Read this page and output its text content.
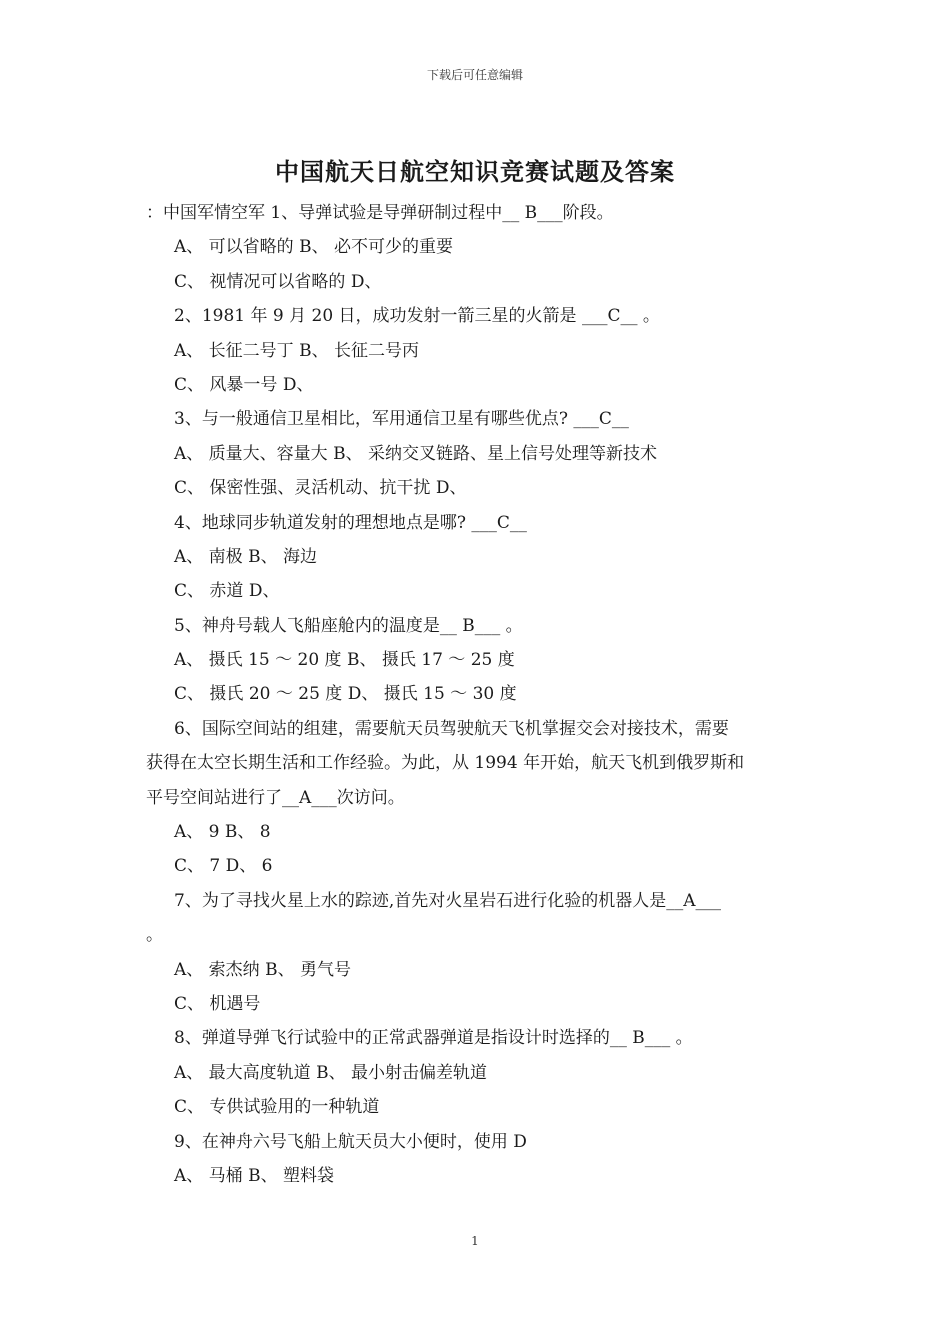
下载后可任意编辑
中国航天日航空知识竞赛试题及答案
：中国军情空军 1、导弹试验是导弹研制过程中__ B___阶段。
A、 可以省略的 B、 必不可少的重要
C、 视情况可以省略的 D、
2、1981 年 9 月 20 日，成功发射一箭三星的火箭是 ___C__ 。
A、 长征二号丁 B、 长征二号丙
C、 风暴一号 D、
3、与一般通信卫星相比，军用通信卫星有哪些优点? ___C__
A、 质量大、容量大 B、 采纳交叉链路、星上信号处理等新技术
C、 保密性强、灵活机动、抗干扰 D、
4、地球同步轨道发射的理想地点是哪? ___C__
A、 南极 B、 海边
C、 赤道 D、
5、神舟号载人飞船座舱内的温度是__ B___ 。
A、 摄氏 15 ～ 20 度 B、 摄氏 17 ～ 25 度
C、 摄氏 20 ～ 25 度 D、 摄氏 15 ～ 30 度
6、国际空间站的组建，需要航天员驾驶航天飞机掌握交会对接技术，需要
获得在太空长期生活和工作经验。为此，从 1994 年开始，航天飞机到俄罗斯和
平号空间站进行了__A___次访问。
A、 9 B、 8
C、 7 D、 6
7、为了寻找火星上水的踪迹,首先对火星岩石进行化验的机器人是__A___
。
A、 索杰纳 B、 勇气号
C、 机遇号
8、弹道导弹飞行试验中的正常武器弹道是指设计时选择的__ B___ 。
A、 最大高度轨道 B、 最小射击偏差轨道
C、 专供试验用的一种轨道
9、在神舟六号飞船上航天员大小便时，使用 D
A、 马桶 B、 塑料袋
1
